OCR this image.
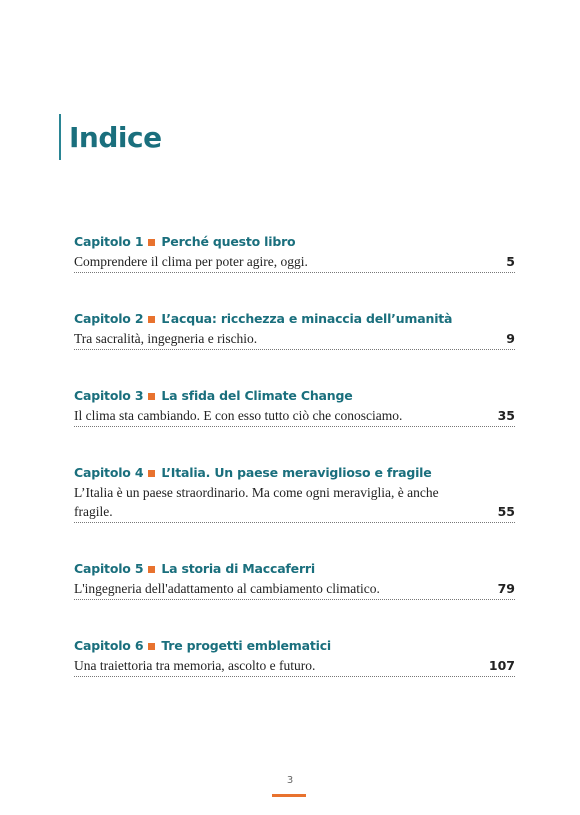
Indice
Capitolo 1 Perché questo libro
Comprendere il clima per poter agire, oggi.	5
Capitolo 2 L’acqua: ricchezza e minaccia dell’umanità
Tra sacralità, ingegneria e rischio.	9
Capitolo 3 La sfida del Climate Change
Il clima sta cambiando. E con esso tutto ciò che conosciamo.	35
Capitolo 4 L’Italia. Un paese meraviglioso e fragile
L’Italia è un paese straordinario. Ma come ogni meraviglia, è anche fragile.	55
Capitolo 5 La storia di Maccaferri
L'ingegneria dell'adattamento al cambiamento climatico.	79
Capitolo 6 Tre progetti emblematici
Una traiettoria tra memoria, ascolto e futuro.	107
3
